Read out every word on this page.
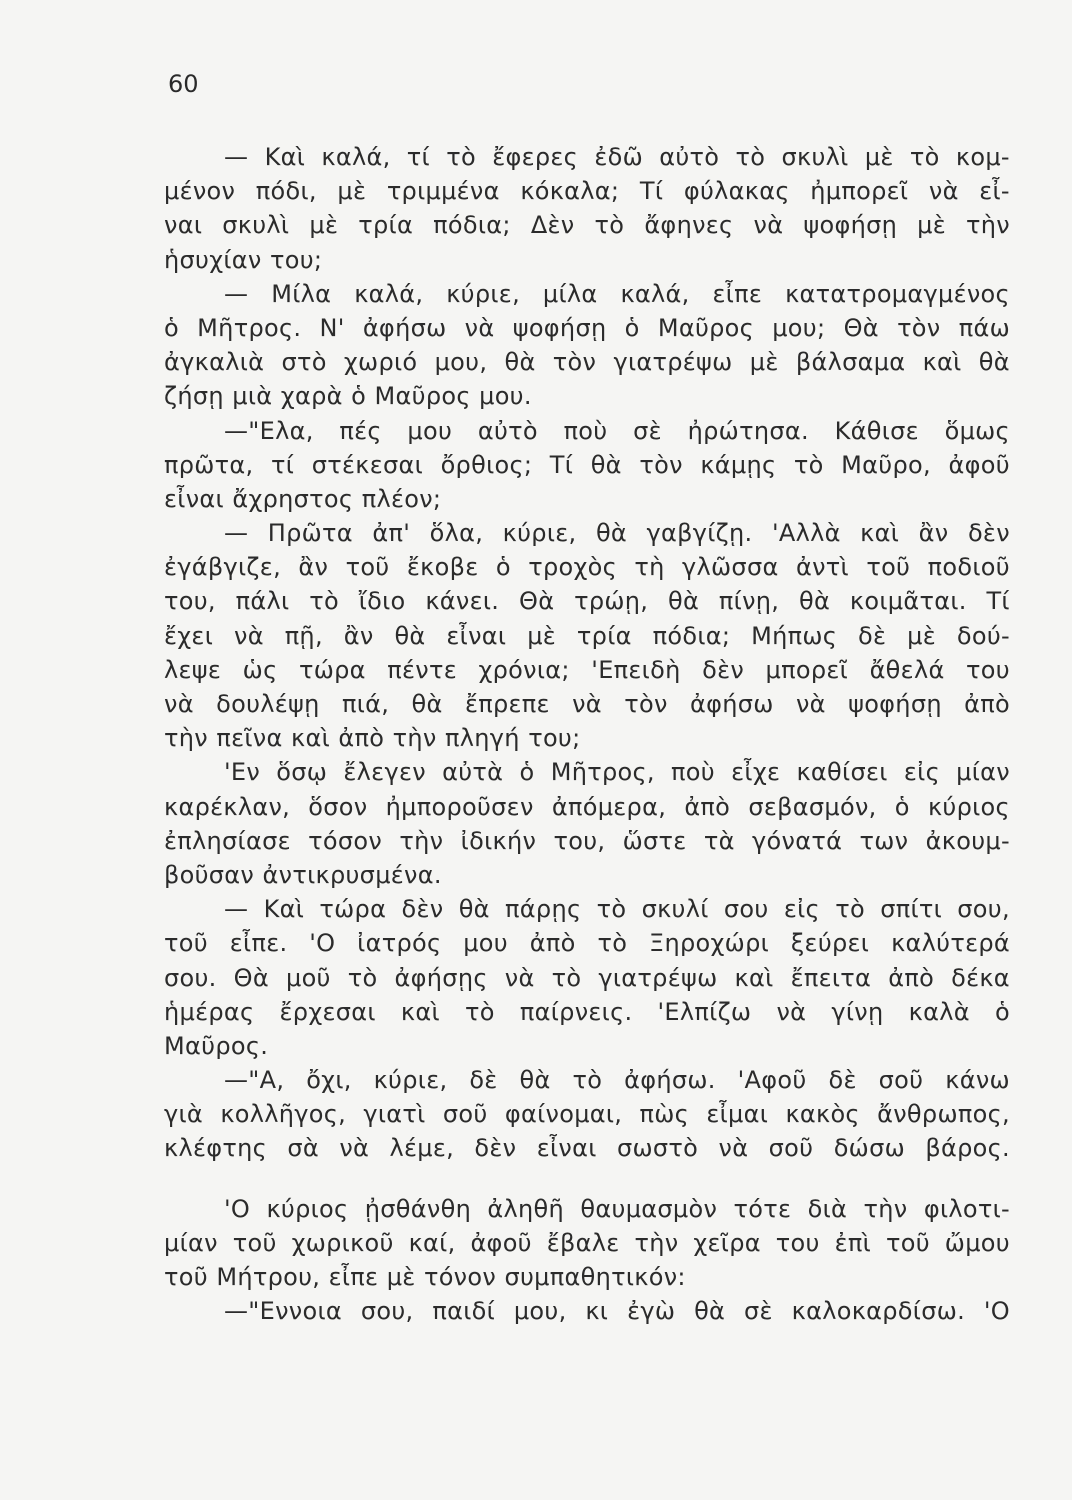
60
— Καὶ καλά, τί τὸ ἔφερες ἐδῶ αὐτὸ τὸ σκυλὶ μὲ τὸ κομ-
μένον πόδι, μὲ τριμμένα κόκαλα; Τί φύλακας ἠμπορεῖ νὰ εἶ-
ναι σκυλὶ μὲ τρία πόδια; Δὲν τὸ ἄφηνες νὰ ψοφήσῃ μὲ τὴν
ἡσυχίαν του;
— Μίλα καλά, κύριε, μίλα καλά, εἶπε κατατρομαγμένος
ὁ Μῆτρος. Ν' ἀφήσω νὰ ψοφήσῃ ὁ Μαῦρος μου; Θὰ τὸν πάω
ἀγκαλιὰ στὸ χωριό μου, θὰ τὸν γιατρέψω μὲ βάλσαμα καὶ θὰ
ζήσῃ μιὰ χαρὰ ὁ Μαῦρος μου.
—"Ελα, πές μου αὐτὸ ποὺ σὲ ἠρώτησα. Κάθισε ὅμως
πρῶτα, τί στέκεσαι ὄρθιος; Τί θὰ τὸν κάμῃς τὸ Μαῦρο, ἀφοῦ
εἶναι ἄχρηστος πλέον;
— Πρῶτα ἀπ' ὅλα, κύριε, θὰ γαβγίζῃ. 'Αλλὰ καὶ ἂν δὲν
ἐγάβγιζε, ἂν τοῦ ἔκοβε ὁ τροχὸς τὴ γλῶσσα ἀντὶ τοῦ ποδιοῦ
του, πάλι τὸ ἴδιο κάνει. Θὰ τρώῃ, θὰ πίνῃ, θὰ κοιμᾶται. Τί
ἔχει νὰ πῇ, ἂν θὰ εἶναι μὲ τρία πόδια; Μήπως δὲ μὲ δού-
λεψε ὡς τώρα πέντε χρόνια; 'Επειδὴ δὲν μπορεῖ ἄθελά του
νὰ δουλέψῃ πιά, θὰ ἔπρεπε νὰ τὸν ἀφήσω νὰ ψοφήσῃ ἀπὸ
τὴν πεῖνα καὶ ἀπὸ τὴν πληγή του;
'Εν ὅσῳ ἔλεγεν αὐτὰ ὁ Μῆτρος, ποὺ εἶχε καθίσει εἰς μίαν
καρέκλαν, ὅσον ἠμποροῦσεν ἀπόμερα, ἀπὸ σεβασμόν, ὁ κύριος
ἐπλησίασε τόσον τὴν ἰδικήν του, ὥστε τὰ γόνατά των ἀκουμ-
βοῦσαν ἀντικρυσμένα.
— Καὶ τώρα δὲν θὰ πάρῃς τὸ σκυλί σου εἰς τὸ σπίτι σου,
τοῦ εἶπε. 'Ο ἰατρός μου ἀπὸ τὸ Ξηροχώρι ξεύρει καλύτερά
σου. Θὰ μοῦ τὸ ἀφήσῃς νὰ τὸ γιατρέψω καὶ ἔπειτα ἀπὸ δέκα
ἡμέρας ἔρχεσαι καὶ τὸ παίρνεις. 'Ελπίζω νὰ γίνῃ καλὰ ὁ
Μαῦρος.
—"Α, ὄχι, κύριε, δὲ θὰ τὸ ἀφήσω. 'Αφοῦ δὲ σοῦ κάνω
γιὰ κολλῆγος, γιατὶ σοῦ φαίνομαι, πὼς εἶμαι κακὸς ἄνθρωπος,
κλέφτης σὰ νὰ λέμε, δὲν εἶναι σωστὸ νὰ σοῦ δώσω βάρος.
'Ο κύριος ᾐσθάνθη ἀληθῆ θαυμασμὸν τότε διὰ τὴν φιλοτι-
μίαν τοῦ χωρικοῦ καί, ἀφοῦ ἔβαλε τὴν χεῖρα του ἐπὶ τοῦ ὤμου
τοῦ Μήτρου, εἶπε μὲ τόνον συμπαθητικόν:
—"Εννοια σου, παιδί μου, κι ἐγὼ θὰ σὲ καλοκαρδίσω. 'Ο
